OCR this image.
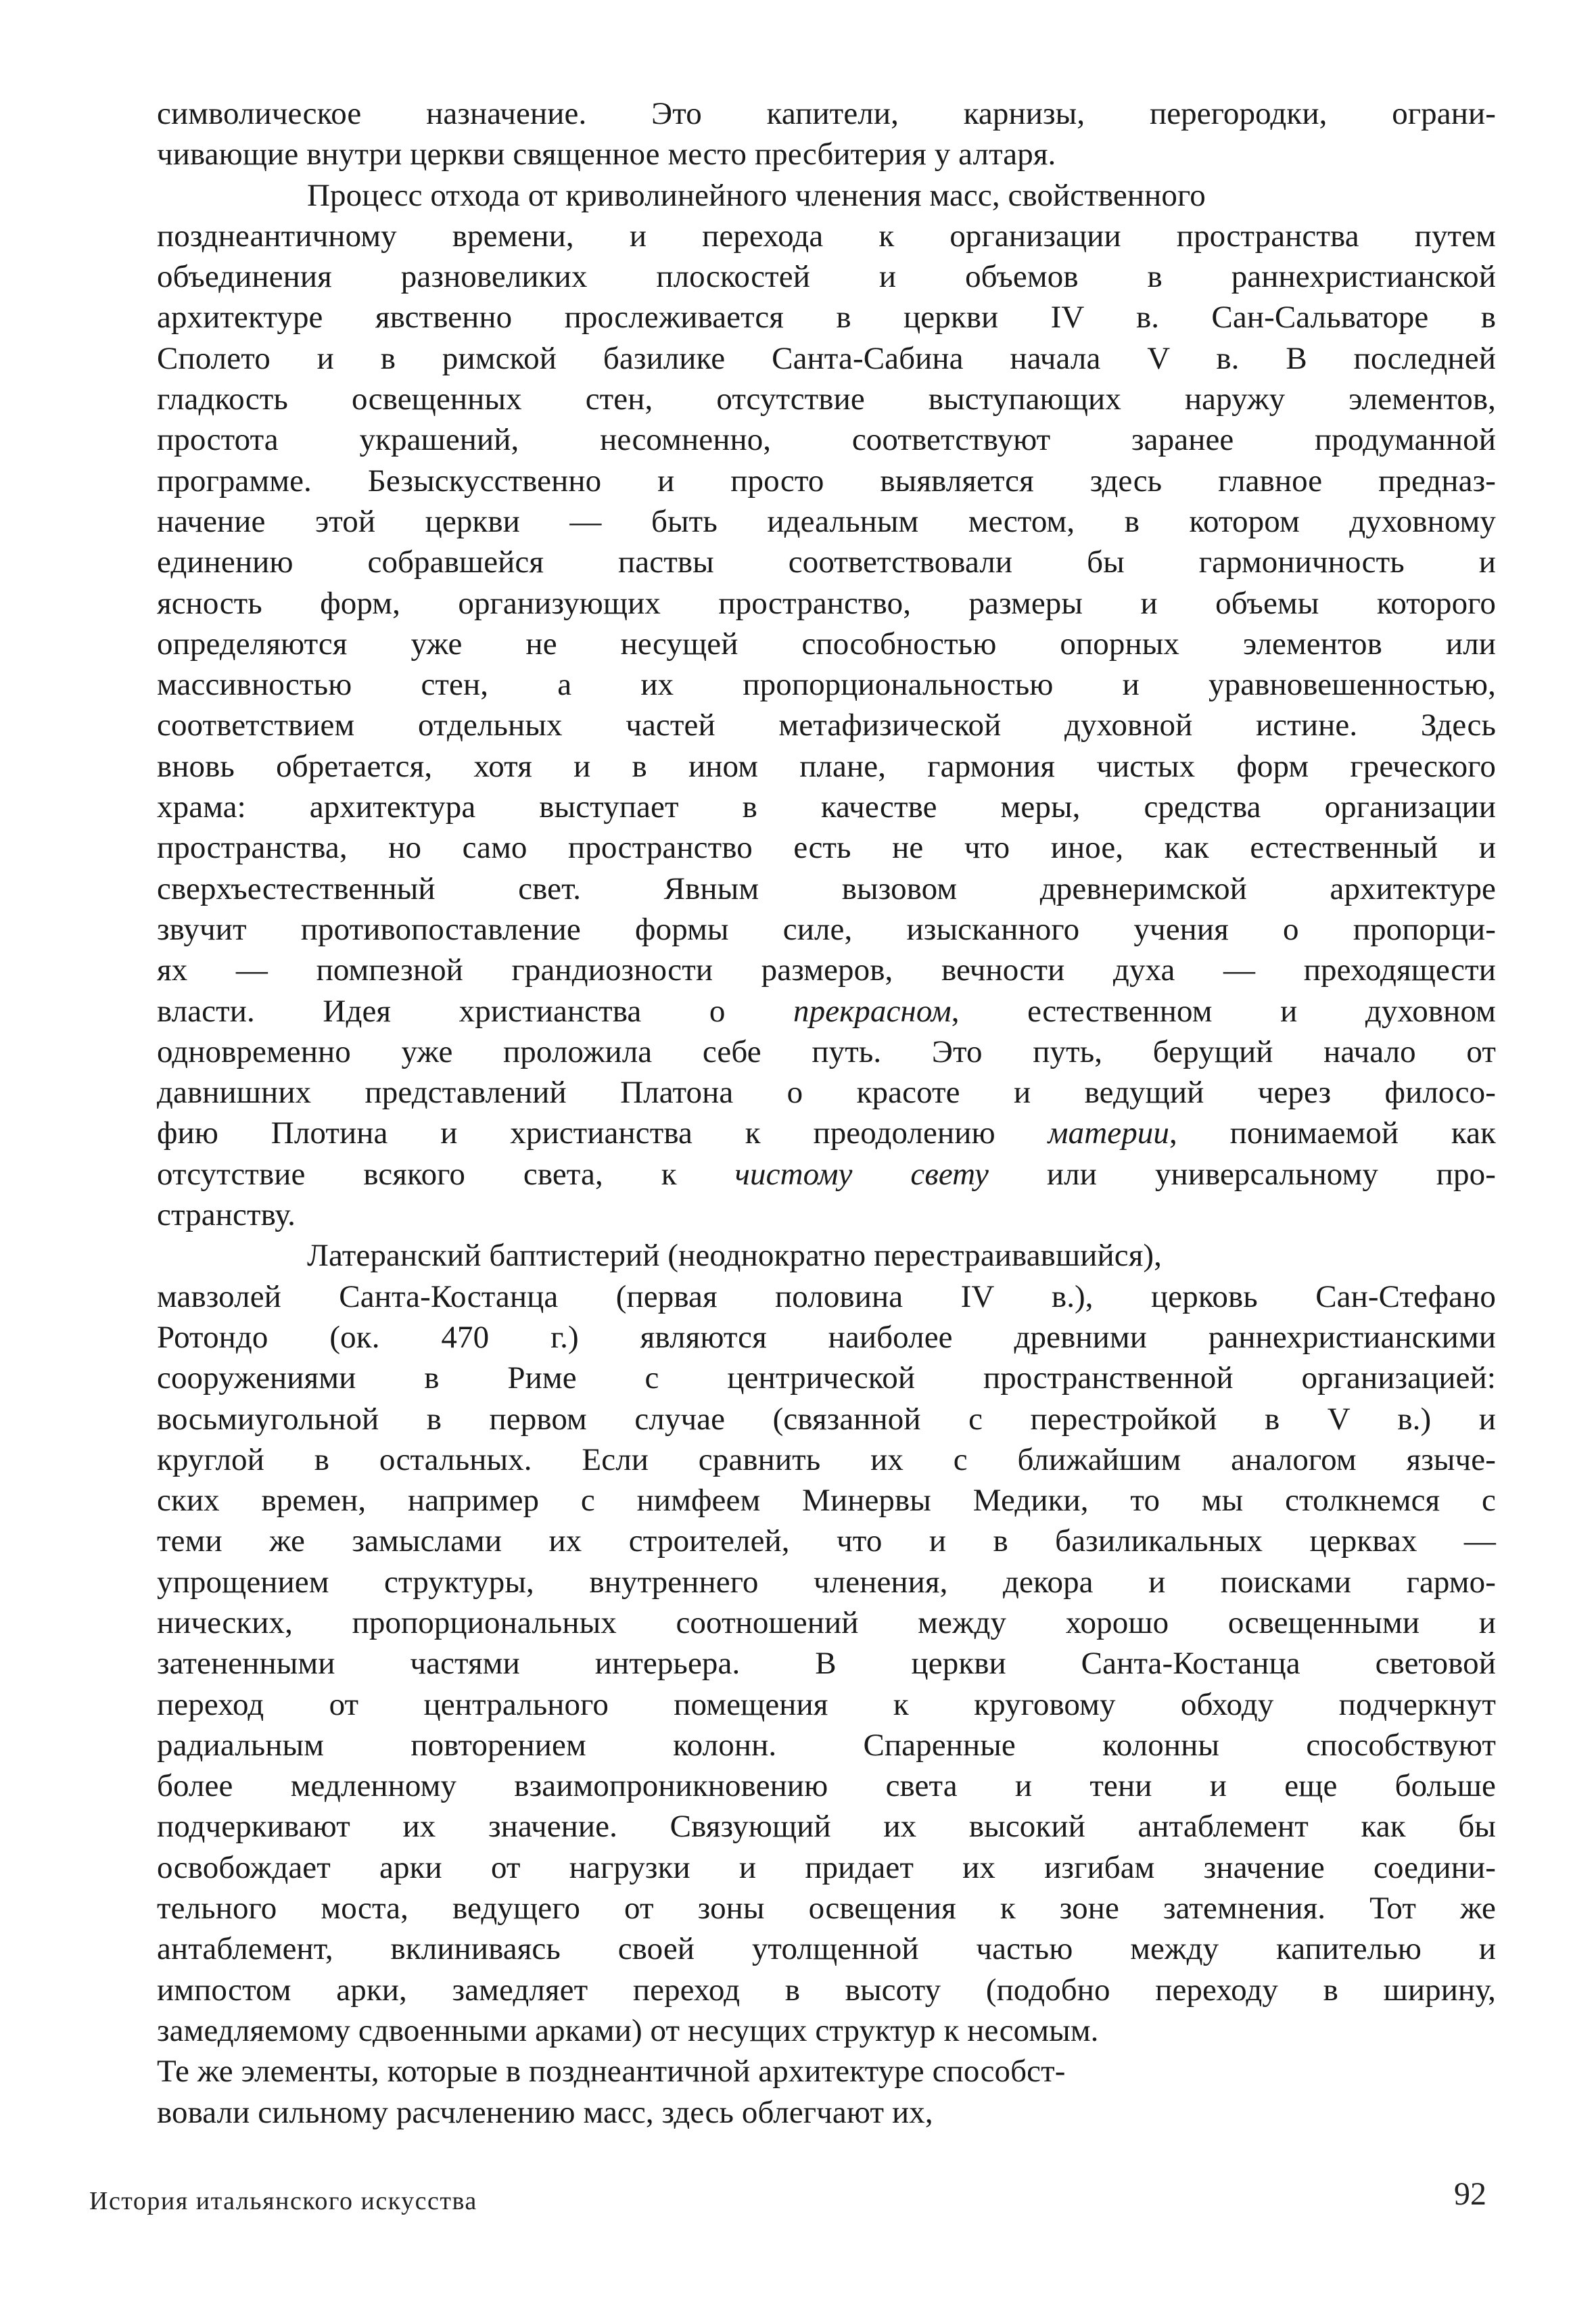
символическое назначение. Это капители, карнизы, перегородки, ограни-
чивающие внутри церкви священное место пресбитерия у алтаря.
Процесс отхода от криволинейного членения масс, свойственного
позднеантичному времени, и перехода к организации пространства путем
объединения разновеликих плоскостей и объемов в раннехристианской
архитектуре явственно прослеживается в церкви IV в. Сан-Сальваторе в
Сполето и в римской базилике Санта-Сабина начала V в. В последней
гладкость освещенных стен, отсутствие выступающих наружу элементов,
простота украшений, несомненно, соответствуют заранее продуманной
программе. Безыскусственно и просто выявляется здесь главное предназ-
начение этой церкви — быть идеальным местом, в котором духовному
единению собравшейся паствы соответствовали бы гармоничность и
ясность форм, организующих пространство, размеры и объемы которого
определяются уже не несущей способностью опорных элементов или
массивностью стен, а их пропорциональностью и уравновешенностью,
соответствием отдельных частей метафизической духовной истине. Здесь
вновь обретается, хотя и в ином плане, гармония чистых форм греческого
храма: архитектура выступает в качестве меры, средства организации
пространства, но само пространство есть не что иное, как естественный и
сверхъестественный свет. Явным вызовом древнеримской архитектуре
звучит противопоставление формы силе, изысканного учения о пропорци-
ях — помпезной грандиозности размеров, вечности духа — преходящести
власти. Идея христианства о прекрасном, естественном и духовном
одновременно уже проложила себе путь. Это путь, берущий начало от
давнишних представлений Платона о красоте и ведущий через филосо-
фию Плотина и христианства к преодолению материи, понимаемой как
отсутствие всякого света, к чистому свету или универсальному про-
странству.
Латеранский баптистерий (неоднократно перестраивавшийся),
мавзолей Санта-Костанца (первая половина IV в.), церковь Сан-Стефано
Ротондо (ок. 470 г.) являются наиболее древними раннехристианскими
сооружениями в Риме с центрической пространственной организацией:
восьмиугольной в первом случае (связанной с перестройкой в V в.) и
круглой в остальных. Если сравнить их с ближайшим аналогом языче-
ских времен, например с нимфеем Минервы Медики, то мы столкнемся с
теми же замыслами их строителей, что и в базиликальных церквах —
упрощением структуры, внутреннего членения, декора и поисками гармо-
нических, пропорциональных соотношений между хорошо освещенными и
затененными частями интерьера. В церкви Санта-Костанца световой
переход от центрального помещения к круговому обходу подчеркнут
радиальным повторением колонн. Спаренные колонны способствуют
более медленному взаимопроникновению света и тени и еще больше
подчеркивают их значение. Связующий их высокий антаблемент как бы
освобождает арки от нагрузки и придает их изгибам значение соедини-
тельного моста, ведущего от зоны освещения к зоне затемнения. Тот же
антаблемент, вклиниваясь своей утолщенной частью между капителью и
импостом арки, замедляет переход в высоту (подобно переходу в ширину,
замедляемому сдвоенными арками) от несущих структур к несомым.
Те же элементы, которые в позднеантичной архитектуре способст-
вовали сильному расчленению масс, здесь облегчают их,
История итальянского искусства	92
